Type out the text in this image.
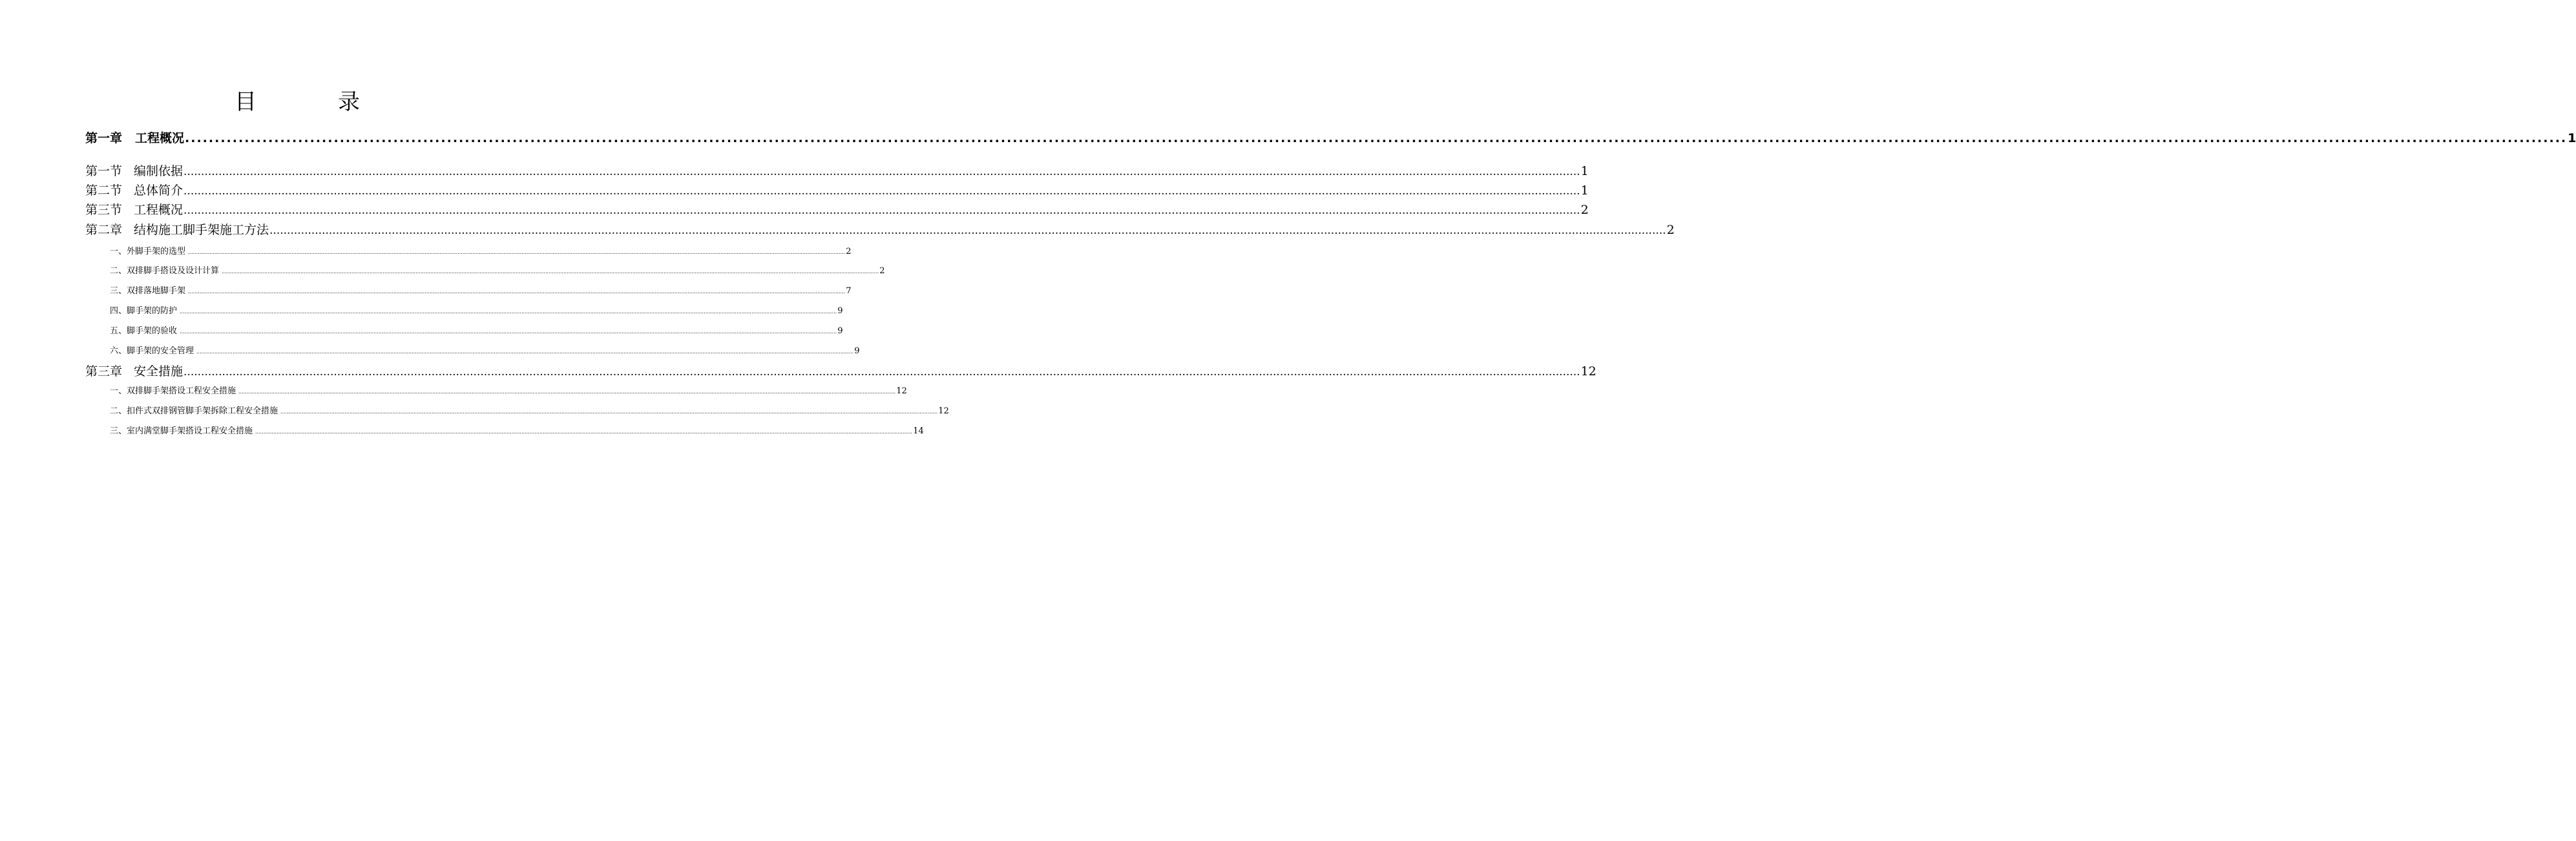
目　录
第一章 工程概况 ................................................................................................................................................................................................................................................................................................................................................................................................................ 1
第一节 编制依据 ................................................................................................................................................................................................................................................................................................................................................................................................................ 1
第二节 总体简介 ................................................................................................................................................................................................................................................................................................................................................................................................................ 1
第三节 工程概况 ................................................................................................................................................................................................................................................................................................................................................................................................................ 2
第二章 结构施工脚手架施工方法 ................................................................................................................................................................................................................................................................................................................................................................................................................ 2
一、外脚手架的选型 ................................................................................................................................................................................................................................................................................................................................................................................................................ 2
二、双排脚手搭设及设计计算 ................................................................................................................................................................................................................................................................................................................................................................................................................ 2
三、双排落地脚手架 ................................................................................................................................................................................................................................................................................................................................................................................................................ 7
四、脚手架的防护 ................................................................................................................................................................................................................................................................................................................................................................................................................ 9
五、脚手架的验收 ................................................................................................................................................................................................................................................................................................................................................................................................................ 9
六、脚手架的安全管理 ................................................................................................................................................................................................................................................................................................................................................................................................................ 9
第三章 安全措施 ................................................................................................................................................................................................................................................................................................................................................................................................................ 12
一、双排脚手架搭设工程安全措施 ................................................................................................................................................................................................................................................................................................................................................................................................................ 12
二、扣件式双排钢管脚手架拆除工程安全措施 ................................................................................................................................................................................................................................................................................................................................................................................................................ 12
三、室内满堂脚手架搭设工程安全措施 ................................................................................................................................................................................................................................................................................................................................................................................................................ 14
